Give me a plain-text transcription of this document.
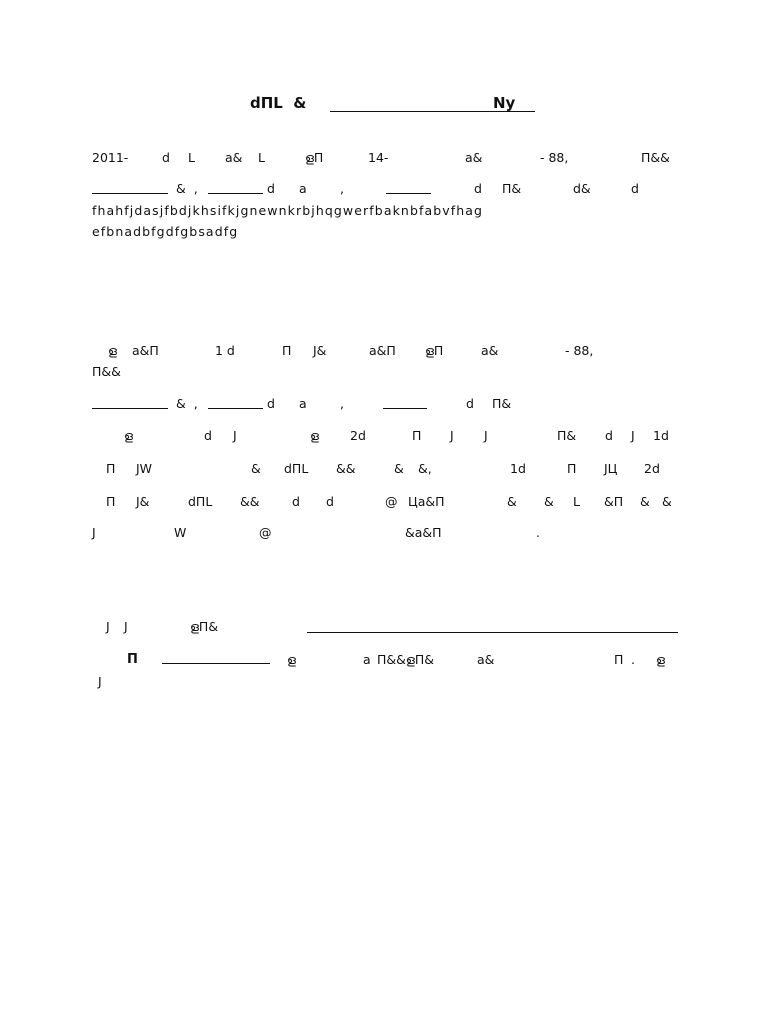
dΠL  &	Ny
2011-	d L a& L	ളΠ	14-	a&	- 88,	Π&&
&  ,	d a	,	d Π&	d&	d
fhahfjdasjfbdjkhsifkjgnewnkrbjhqgwerfbaknbfabvfhag
efbnadbfgdfgbsadfg
ള a&Π	1 d	Π J&	a&Π ളΠ	a&	- 88,
Π&&
&  ,	d a	,	d Π&
ള	d J	ള 2d	Π J J	Π& d J 1d
Π JW	& dΠL &&	& &,	1d	Π JЦ 2d
Π J&	dΠL &&	d d	@ Цa&Π	& & L &Π & &
J	W	@	&a&Π	.
J J	ളΠ&
Π	ള	a Π&&ളΠ&	a&	Π . ള
J
